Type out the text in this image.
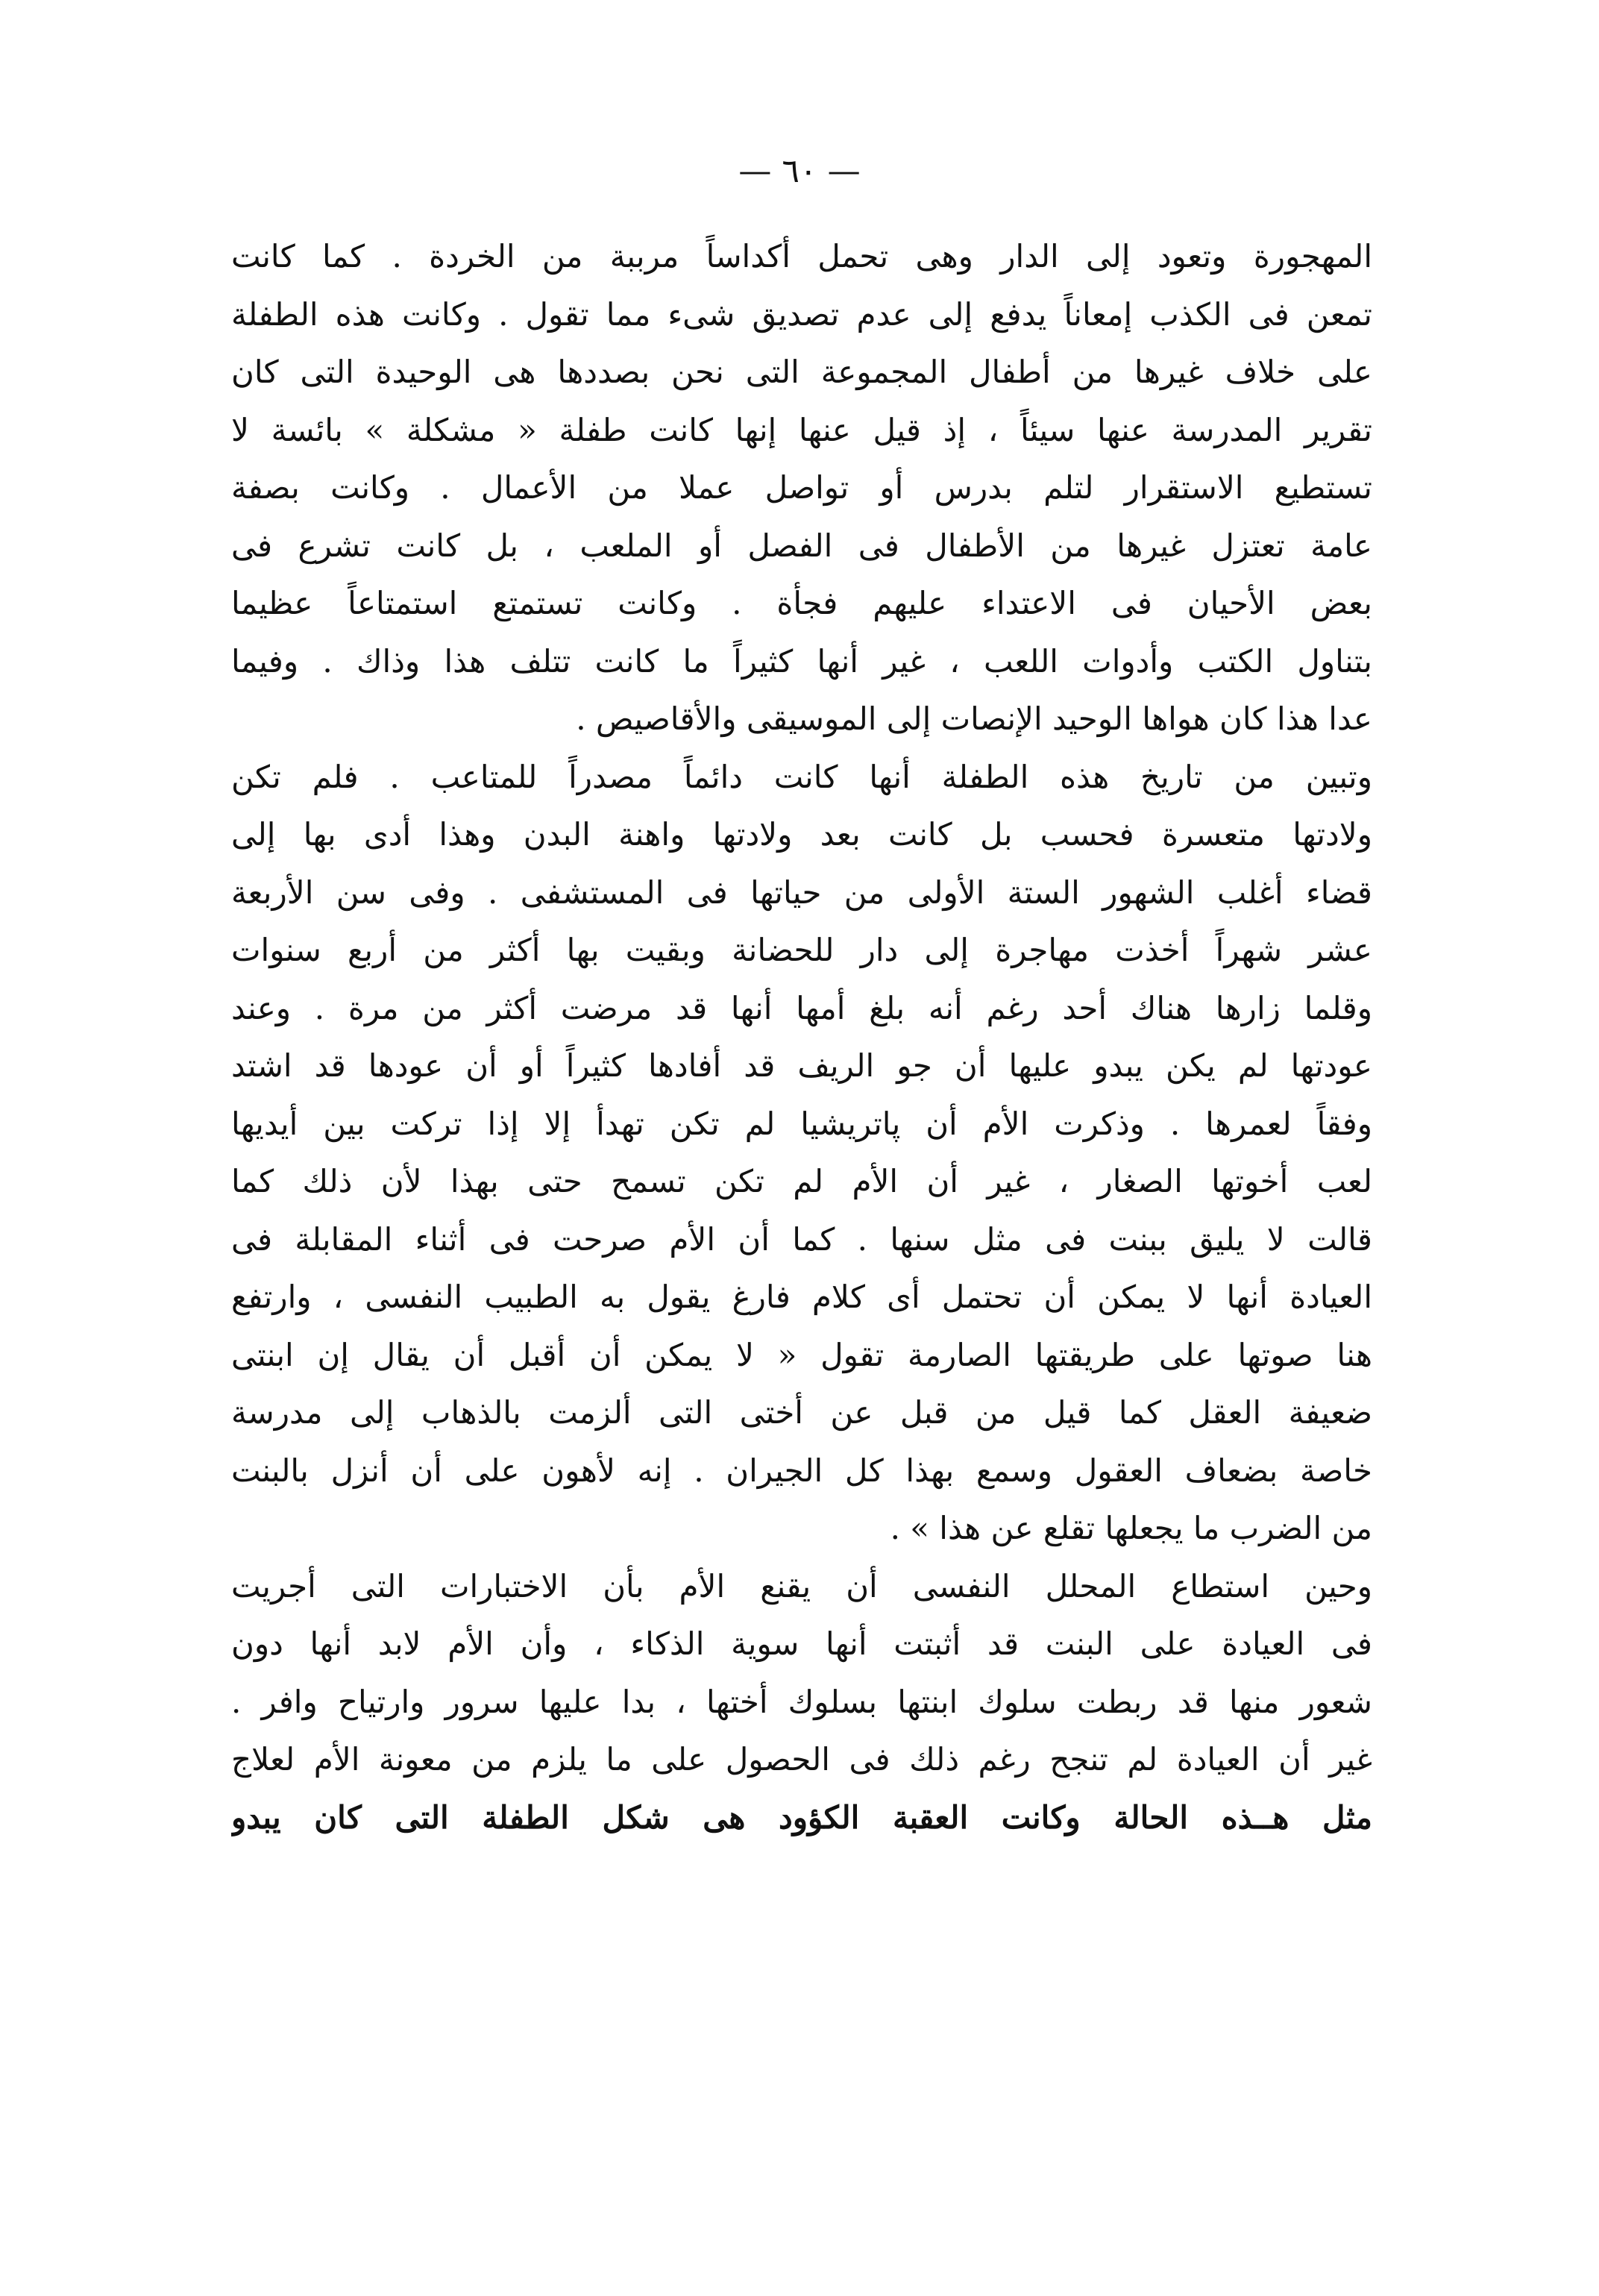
— ٦٠ —
المهجورة وتعود إلى الدار وهى تحمل أكداساً مرببة من الخردة . كما كانت
تمعن فى الكذب إمعاناً يدفع إلى عدم تصديق شىء مما تقول . وكانت هذه الطفلة
على خلاف غيرها من أطفال المجموعة التى نحن بصددها هى الوحيدة التى كان
تقرير المدرسة عنها سيئاً ، إذ قيل عنها إنها كانت طفلة « مشكلة » بائسة لا
تستطيع الاستقرار لتلم بدرس أو تواصل عملا من الأعمال . وكانت بصفة
عامة تعتزل غيرها من الأطفال فى الفصل أو الملعب ، بل كانت تشرع فى
بعض الأحيان فى الاعتداء عليهم فجأة . وكانت تستمتع استمتاعاً عظيما
بتناول الكتب وأدوات اللعب ، غير أنها كثيراً ما كانت تتلف هذا وذاك . وفيما
عدا هذا كان هواها الوحيد الإنصات إلى الموسيقى والأقاصيص .
وتبين من تاريخ هذه الطفلة أنها كانت دائماً مصدراً للمتاعب . فلم تكن
ولادتها متعسرة فحسب بل كانت بعد ولادتها واهنة البدن وهذا أدى بها إلى
قضاء أغلب الشهور الستة الأولى من حياتها فى المستشفى . وفى سن الأربعة
عشر شهراً أخذت مهاجرة إلى دار للحضانة وبقيت بها أكثر من أربع سنوات
وقلما زارها هناك أحد رغم أنه بلغ أمها أنها قد مرضت أكثر من مرة . وعند
عودتها لم يكن يبدو عليها أن جو الريف قد أفادها كثيراً أو أن عودها قد اشتد
وفقاً لعمرها . وذكرت الأم أن پاتريشيا لم تكن تهدأ إلا إذا تركت بين أيديها
لعب أخوتها الصغار ، غير أن الأم لم تكن تسمح حتى بهذا لأن ذلك كما
قالت لا يليق ببنت فى مثل سنها . كما أن الأم صرحت فى أثناء المقابلة فى
العيادة أنها لا يمكن أن تحتمل أى كلام فارغ يقول به الطبيب النفسى ، وارتفع
هنا صوتها على طريقتها الصارمة تقول « لا يمكن أن أقبل أن يقال إن ابنتى
ضعيفة العقل كما قيل من قبل عن أختى التى ألزمت بالذهاب إلى مدرسة
خاصة بضعاف العقول وسمع بهذا كل الجيران . إنه لأهون على أن أنزل بالبنت
من الضرب ما يجعلها تقلع عن هذا » .
وحين استطاع المحلل النفسى أن يقنع الأم بأن الاختبارات التى أجريت
فى العيادة على البنت قد أثبتت أنها سوية الذكاء ، وأن الأم لابد أنها دون
شعور منها قد ربطت سلوك ابنتها بسلوك أختها ، بدا عليها سرور وارتياح وافر .
غير أن العيادة لم تنجح رغم ذلك فى الحصول على ما يلزم من معونة الأم لعلاج
مثل هــذه الحالة وكانت العقبة الكؤود هى شكل الطفلة التى كان يبدو
